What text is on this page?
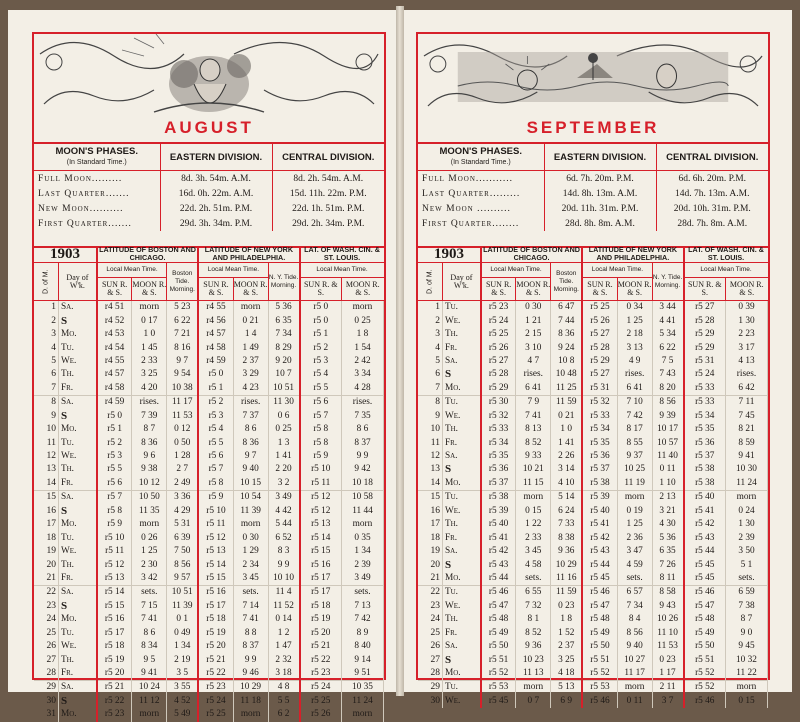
AUGUST
MOON'S PHASES.
(In Standard Time.)	EASTERN DIVISION.	CENTRAL DIVISION.
Full Moon.........	8d. 3h. 54m. A.M.	8d. 2h. 54m. A.M.
Last Quarter.......	16d. 0h. 22m. A.M.	15d. 11h. 22m. P.M.
New Moon..........	22d. 2h. 51m. P.M.	22d. 1h. 51m. P.M.
First Quarter.......	29d. 3h. 34m. P.M.	29d. 2h. 34m. P.M.
1903		LATITUDE OF BOSTON AND CHICAGO.			LATITUDE OF NEW YORK AND PHILADELPHIA.			LAT. OF WASH. CIN. & ST. LOUIS.	
D. of M.	Day of W'k.	Local Mean Time.		Boston Tide. Morning.	Local Mean Time.		N. Y. Tide. Morning.	Local Mean Time.	
		SUN R. & S.	MOON R. & S.		SUN R. & S.	MOON R. & S.		SUN R. & S.	MOON R. & S.
1	Sa.	r4 51	morn	5 23	r4 55	morn	5 36	r5 0	morn
2	S	r4 52	0 17	6 22	r4 56	0 21	6 35	r5 0	0 25
3	Mo.	r4 53	1 0	7 21	r4 57	1 4	7 34	r5 1	1 8
4	Tu.	r4 54	1 45	8 16	r4 58	1 49	8 29	r5 2	1 54
5	We.	r4 55	2 33	9 7	r4 59	2 37	9 20	r5 3	2 42
6	Th.	r4 57	3 25	9 54	r5 0	3 29	10 7	r5 4	3 34
7	Fr.	r4 58	4 20	10 38	r5 1	4 23	10 51	r5 5	4 28
8	Sa.	r4 59	rises.	11 17	r5 2	rises.	11 30	r5 6	rises.
9	S	r5 0	7 39	11 53	r5 3	7 37	0 6	r5 7	7 35
10	Mo.	r5 1	8 7	0 12	r5 4	8 6	0 25	r5 8	8 6
11	Tu.	r5 2	8 36	0 50	r5 5	8 36	1 3	r5 8	8 37
12	We.	r5 3	9 6	1 28	r5 6	9 7	1 41	r5 9	9 9
13	Th.	r5 5	9 38	2 7	r5 7	9 40	2 20	r5 10	9 42
14	Fr.	r5 6	10 12	2 49	r5 8	10 15	3 2	r5 11	10 18
15	Sa.	r5 7	10 50	3 36	r5 9	10 54	3 49	r5 12	10 58
16	S	r5 8	11 35	4 29	r5 10	11 39	4 42	r5 12	11 44
17	Mo.	r5 9	morn	5 31	r5 11	morn	5 44	r5 13	morn
18	Tu.	r5 10	0 26	6 39	r5 12	0 30	6 52	r5 14	0 35
19	We.	r5 11	1 25	7 50	r5 13	1 29	8 3	r5 15	1 34
20	Th.	r5 12	2 30	8 56	r5 14	2 34	9 9	r5 16	2 39
21	Fr.	r5 13	3 42	9 57	r5 15	3 45	10 10	r5 17	3 49
22	Sa.	r5 14	sets.	10 51	r5 16	sets.	11 4	r5 17	sets.
23	S	r5 15	7 15	11 39	r5 17	7 14	11 52	r5 18	7 13
24	Mo.	r5 16	7 41	0 1	r5 18	7 41	0 14	r5 19	7 42
25	Tu.	r5 17	8 6	0 49	r5 19	8 8	1 2	r5 20	8 9
26	We.	r5 18	8 34	1 34	r5 20	8 37	1 47	r5 21	8 40
27	Th.	r5 19	9 5	2 19	r5 21	9 9	2 32	r5 22	9 14
28	Fr.	r5 20	9 41	3 5	r5 22	9 46	3 18	r5 23	9 51
29	Sa.	r5 21	10 24	3 55	r5 23	10 29	4 8	r5 24	10 35
30	S	r5 22	11 12	4 52	r5 24	11 18	5 5	r5 25	11 24
31	Mo.	r5 23	morn	5 49	r5 25	morn	6 2	r5 26	morn
SEPTEMBER
MOON'S PHASES.
(In Standard Time.)	EASTERN DIVISION.	CENTRAL DIVISION.
Full Moon...........	6d. 7h. 20m. P.M.	6d. 6h. 20m. P.M.
Last Quarter.........	14d. 8h. 13m. A.M.	14d. 7h. 13m. A.M.
New Moon ..........	20d. 11h. 31m. P.M.	20d. 10h. 31m. P.M.
First Quarter........	28d. 8h. 8m. A.M.	28d. 7h. 8m. A.M.
1903		LATITUDE OF BOSTON AND CHICAGO.			LATITUDE OF NEW YORK AND PHILADELPHIA.			LAT. OF WASH. CIN. & ST. LOUIS.	
D. of M.	Day of W'k.	Local Mean Time.		Boston Tide. Morning.	Local Mean Time.		N. Y. Tide. Morning.	Local Mean Time.	
		SUN R. & S.	MOON R. & S.		SUN R. & S.	MOON R. & S.		SUN R. & S.	MOON R. & S.
1	Tu.	r5 23	0 30	6 47	r5 25	0 34	3 44	r5 27	0 39
2	We.	r5 24	1 21	7 44	r5 26	1 25	4 41	r5 28	1 30
3	Th.	r5 25	2 15	8 36	r5 27	2 18	5 34	r5 29	2 23
4	Fr.	r5 26	3 10	9 24	r5 28	3 13	6 22	r5 29	3 17
5	Sa.	r5 27	4 7	10 8	r5 29	4 9	7 5	r5 31	4 13
6	S	r5 28	rises.	10 48	r5 27	rises.	7 43	r5 24	rises.
7	Mo.	r5 29	6 41	11 25	r5 31	6 41	8 20	r5 33	6 42
8	Tu.	r5 30	7 9	11 59	r5 32	7 10	8 56	r5 33	7 11
9	We.	r5 32	7 41	0 21	r5 33	7 42	9 39	r5 34	7 45
10	Th.	r5 33	8 13	1 0	r5 34	8 17	10 17	r5 35	8 21
11	Fr.	r5 34	8 52	1 41	r5 35	8 55	10 57	r5 36	8 59
12	Sa.	r5 35	9 33	2 26	r5 36	9 37	11 40	r5 37	9 41
13	S	r5 36	10 21	3 14	r5 37	10 25	0 11	r5 38	10 30
14	Mo.	r5 37	11 15	4 10	r5 38	11 19	1 10	r5 38	11 24
15	Tu.	r5 38	morn	5 14	r5 39	morn	2 13	r5 40	morn
16	We.	r5 39	0 15	6 24	r5 40	0 19	3 21	r5 41	0 24
17	Th.	r5 40	1 22	7 33	r5 41	1 25	4 30	r5 42	1 30
18	Fr.	r5 41	2 33	8 38	r5 42	2 36	5 36	r5 43	2 39
19	Sa.	r5 42	3 45	9 36	r5 43	3 47	6 35	r5 44	3 50
20	S	r5 43	4 58	10 29	r5 44	4 59	7 26	r5 45	5 1
21	Mo.	r5 44	sets.	11 16	r5 45	sets.	8 11	r5 45	sets.
22	Tu.	r5 46	6 55	11 59	r5 46	6 57	8 58	r5 46	6 59
23	We.	r5 47	7 32	0 23	r5 47	7 34	9 43	r5 47	7 38
24	Th.	r5 48	8 1	1 8	r5 48	8 4	10 26	r5 48	8 7
25	Fr.	r5 49	8 52	1 52	r5 49	8 56	11 10	r5 49	9 0
26	Sa.	r5 50	9 36	2 37	r5 50	9 40	11 53	r5 50	9 45
27	S	r5 51	10 23	3 25	r5 51	10 27	0 23	r5 51	10 32
28	Mo.	r5 52	11 13	4 18	r5 52	11 17	1 17	r5 52	11 22
29	Tu.	r5 53	morn	5 13	r5 53	morn	2 11	r5 52	morn
30	We.	r5 45	0 7	6 9	r5 46	0 11	3 7	r5 46	0 15
